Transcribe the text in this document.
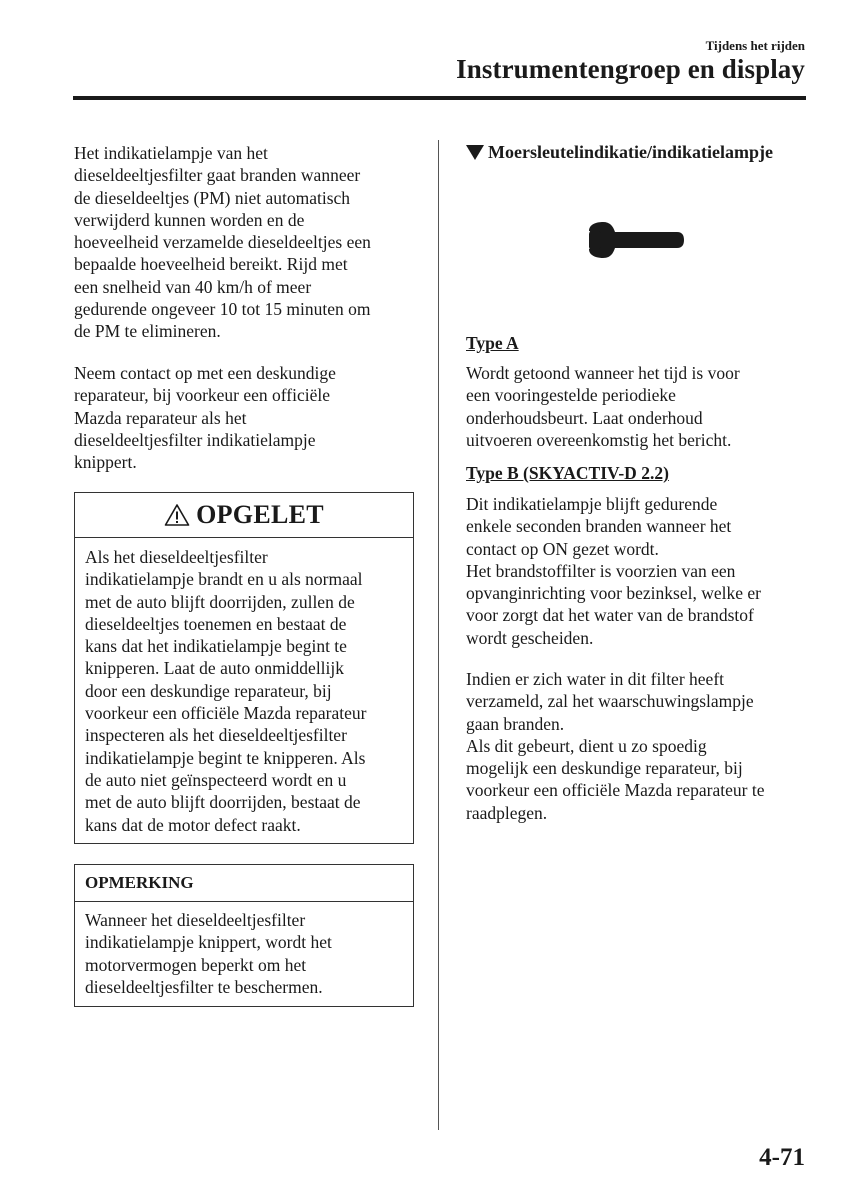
Tijdens het rijden
Instrumentengroep en display
Het indikatielampje van het
dieseldeeltjesfilter gaat branden wanneer
de dieseldeeltjes (PM) niet automatisch
verwijderd kunnen worden en de
hoeveelheid verzamelde dieseldeeltjes een
bepaalde hoeveelheid bereikt. Rijd met
een snelheid van 40 km/h of meer
gedurende ongeveer 10 tot 15 minuten om
de PM te elimineren.
Neem contact op met een deskundige
reparateur, bij voorkeur een officiële
Mazda reparateur als het
dieseldeeltjesfilter indikatielampje
knippert.
OPGELET
Als het dieseldeeltjesfilter
indikatielampje brandt en u als normaal
met de auto blijft doorrijden, zullen de
dieseldeeltjes toenemen en bestaat de
kans dat het indikatielampje begint te
knipperen. Laat de auto onmiddellijk
door een deskundige reparateur, bij
voorkeur een officiële Mazda reparateur
inspecteren als het dieseldeeltjesfilter
indikatielampje begint te knipperen. Als
de auto niet geïnspecteerd wordt en u
met de auto blijft doorrijden, bestaat de
kans dat de motor defect raakt.
OPMERKING
Wanneer het dieseldeeltjesfilter
indikatielampje knippert, wordt het
motorvermogen beperkt om het
dieseldeeltjesfilter te beschermen.
Moersleutelindikatie/indikatielampje
Type A
Wordt getoond wanneer het tijd is voor
een vooringestelde periodieke
onderhoudsbeurt. Laat onderhoud
uitvoeren overeenkomstig het bericht.
Type B (SKYACTIV-D 2.2)
Dit indikatielampje blijft gedurende
enkele seconden branden wanneer het
contact op ON gezet wordt.
Het brandstoffilter is voorzien van een
opvanginrichting voor bezinksel, welke er
voor zorgt dat het water van de brandstof
wordt gescheiden.
Indien er zich water in dit filter heeft
verzameld, zal het waarschuwingslampje
gaan branden.
Als dit gebeurt, dient u zo spoedig
mogelijk een deskundige reparateur, bij
voorkeur een officiële Mazda reparateur te
raadplegen.
4-71
